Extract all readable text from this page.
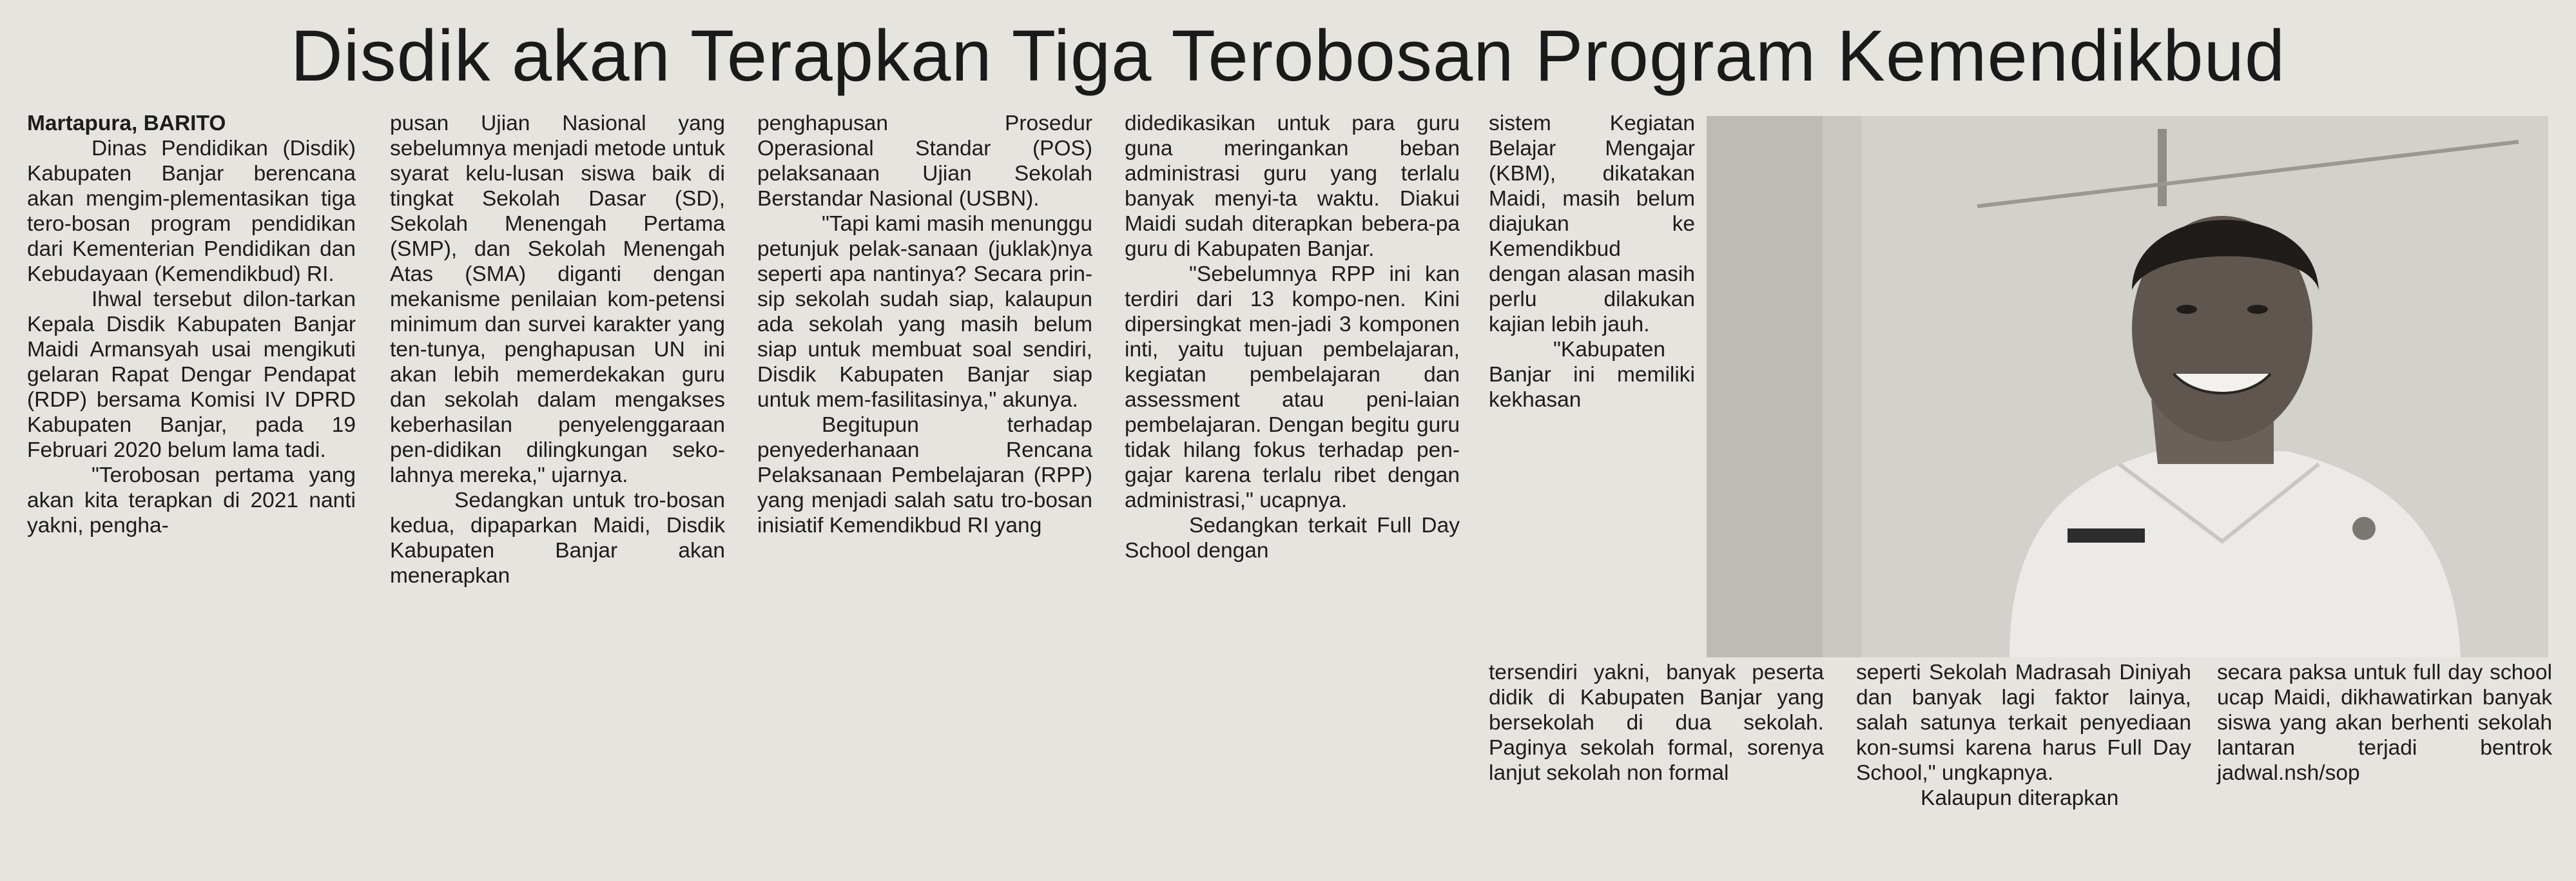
Disdik akan Terapkan Tiga Terobosan Program Kemendikbud

Martapura, BARITO

Dinas Pendidikan (Disdik) Kabupaten Banjar berencana akan mengim-plementasikan tiga tero-bosan program pendidikan dari Kementerian Pendidikan dan Kebudayaan (Kemendikbud) RI.

Ihwal tersebut dilon-tarkan Kepala Disdik Kabupaten Banjar Maidi Armansyah usai mengikuti gelaran Rapat Dengar Pendapat (RDP) bersama Komisi IV DPRD Kabupaten Banjar, pada 19 Februari 2020 belum lama tadi.

"Terobosan pertama yang akan kita terapkan di 2021 nanti yakni, pengha-

pusan Ujian Nasional yang sebelumnya menjadi metode untuk syarat kelu-lusan siswa baik di tingkat Sekolah Dasar (SD), Sekolah Menengah Pertama (SMP), dan Sekolah Menengah Atas (SMA) diganti dengan mekanisme penilaian kom-petensi minimum dan survei karakter yang ten-tunya, penghapusan UN ini akan lebih memerdekakan guru dan sekolah dalam mengakses keberhasilan penyelenggaraan pen-didikan dilingkungan seko-lahnya mereka," ujarnya.

Sedangkan untuk tro-bosan kedua, dipaparkan Maidi, Disdik Kabupaten Banjar akan menerapkan

penghapusan Prosedur Operasional Standar (POS) pelaksanaan Ujian Sekolah Berstandar Nasional (USBN).

"Tapi kami masih menunggu petunjuk pelak-sanaan (juklak)nya seperti apa nantinya? Secara prin-sip sekolah sudah siap, kalaupun ada sekolah yang masih belum siap untuk membuat soal sendiri, Disdik Kabupaten Banjar siap untuk mem-fasilitasinya," akunya.

Begitupun terhadap penyederhanaan Rencana Pelaksanaan Pembelajaran (RPP) yang menjadi salah satu tro-bosan inisiatif Kemendikbud RI yang

didedikasikan untuk para guru guna meringankan beban administrasi guru yang terlalu banyak menyi-ta waktu. Diakui Maidi sudah diterapkan bebera-pa guru di Kabupaten Banjar.

"Sebelumnya RPP ini kan terdiri dari 13 kompo-nen. Kini dipersingkat men-jadi 3 komponen inti, yaitu tujuan pembelajaran, kegiatan pembelajaran dan assessment atau peni-laian pembelajaran. Dengan begitu guru tidak hilang fokus terhadap pen-gajar karena terlalu ribet dengan administrasi," ucapnya.

Sedangkan terkait Full Day School dengan

sistem Kegiatan Belajar Mengajar (KBM), dikatakan Maidi, masih belum diajukan ke Kemendikbud dengan alasan masih perlu dilakukan kajian lebih jauh.

"Kabupaten Banjar ini memiliki kekhasan

tersendiri yakni, banyak peserta didik di Kabupaten Banjar yang bersekolah di dua sekolah. Paginya sekolah formal, sorenya lanjut sekolah non formal

seperti Sekolah Madrasah Diniyah dan banyak lagi faktor lainya, salah satunya terkait penyediaan kon-sumsi karena harus Full Day School," ungkapnya.

Kalaupun diterapkan

secara paksa untuk full day school ucap Maidi, dikhawatirkan banyak siswa yang akan berhenti sekolah lantaran terjadi bentrok jadwal.nsh/sop
